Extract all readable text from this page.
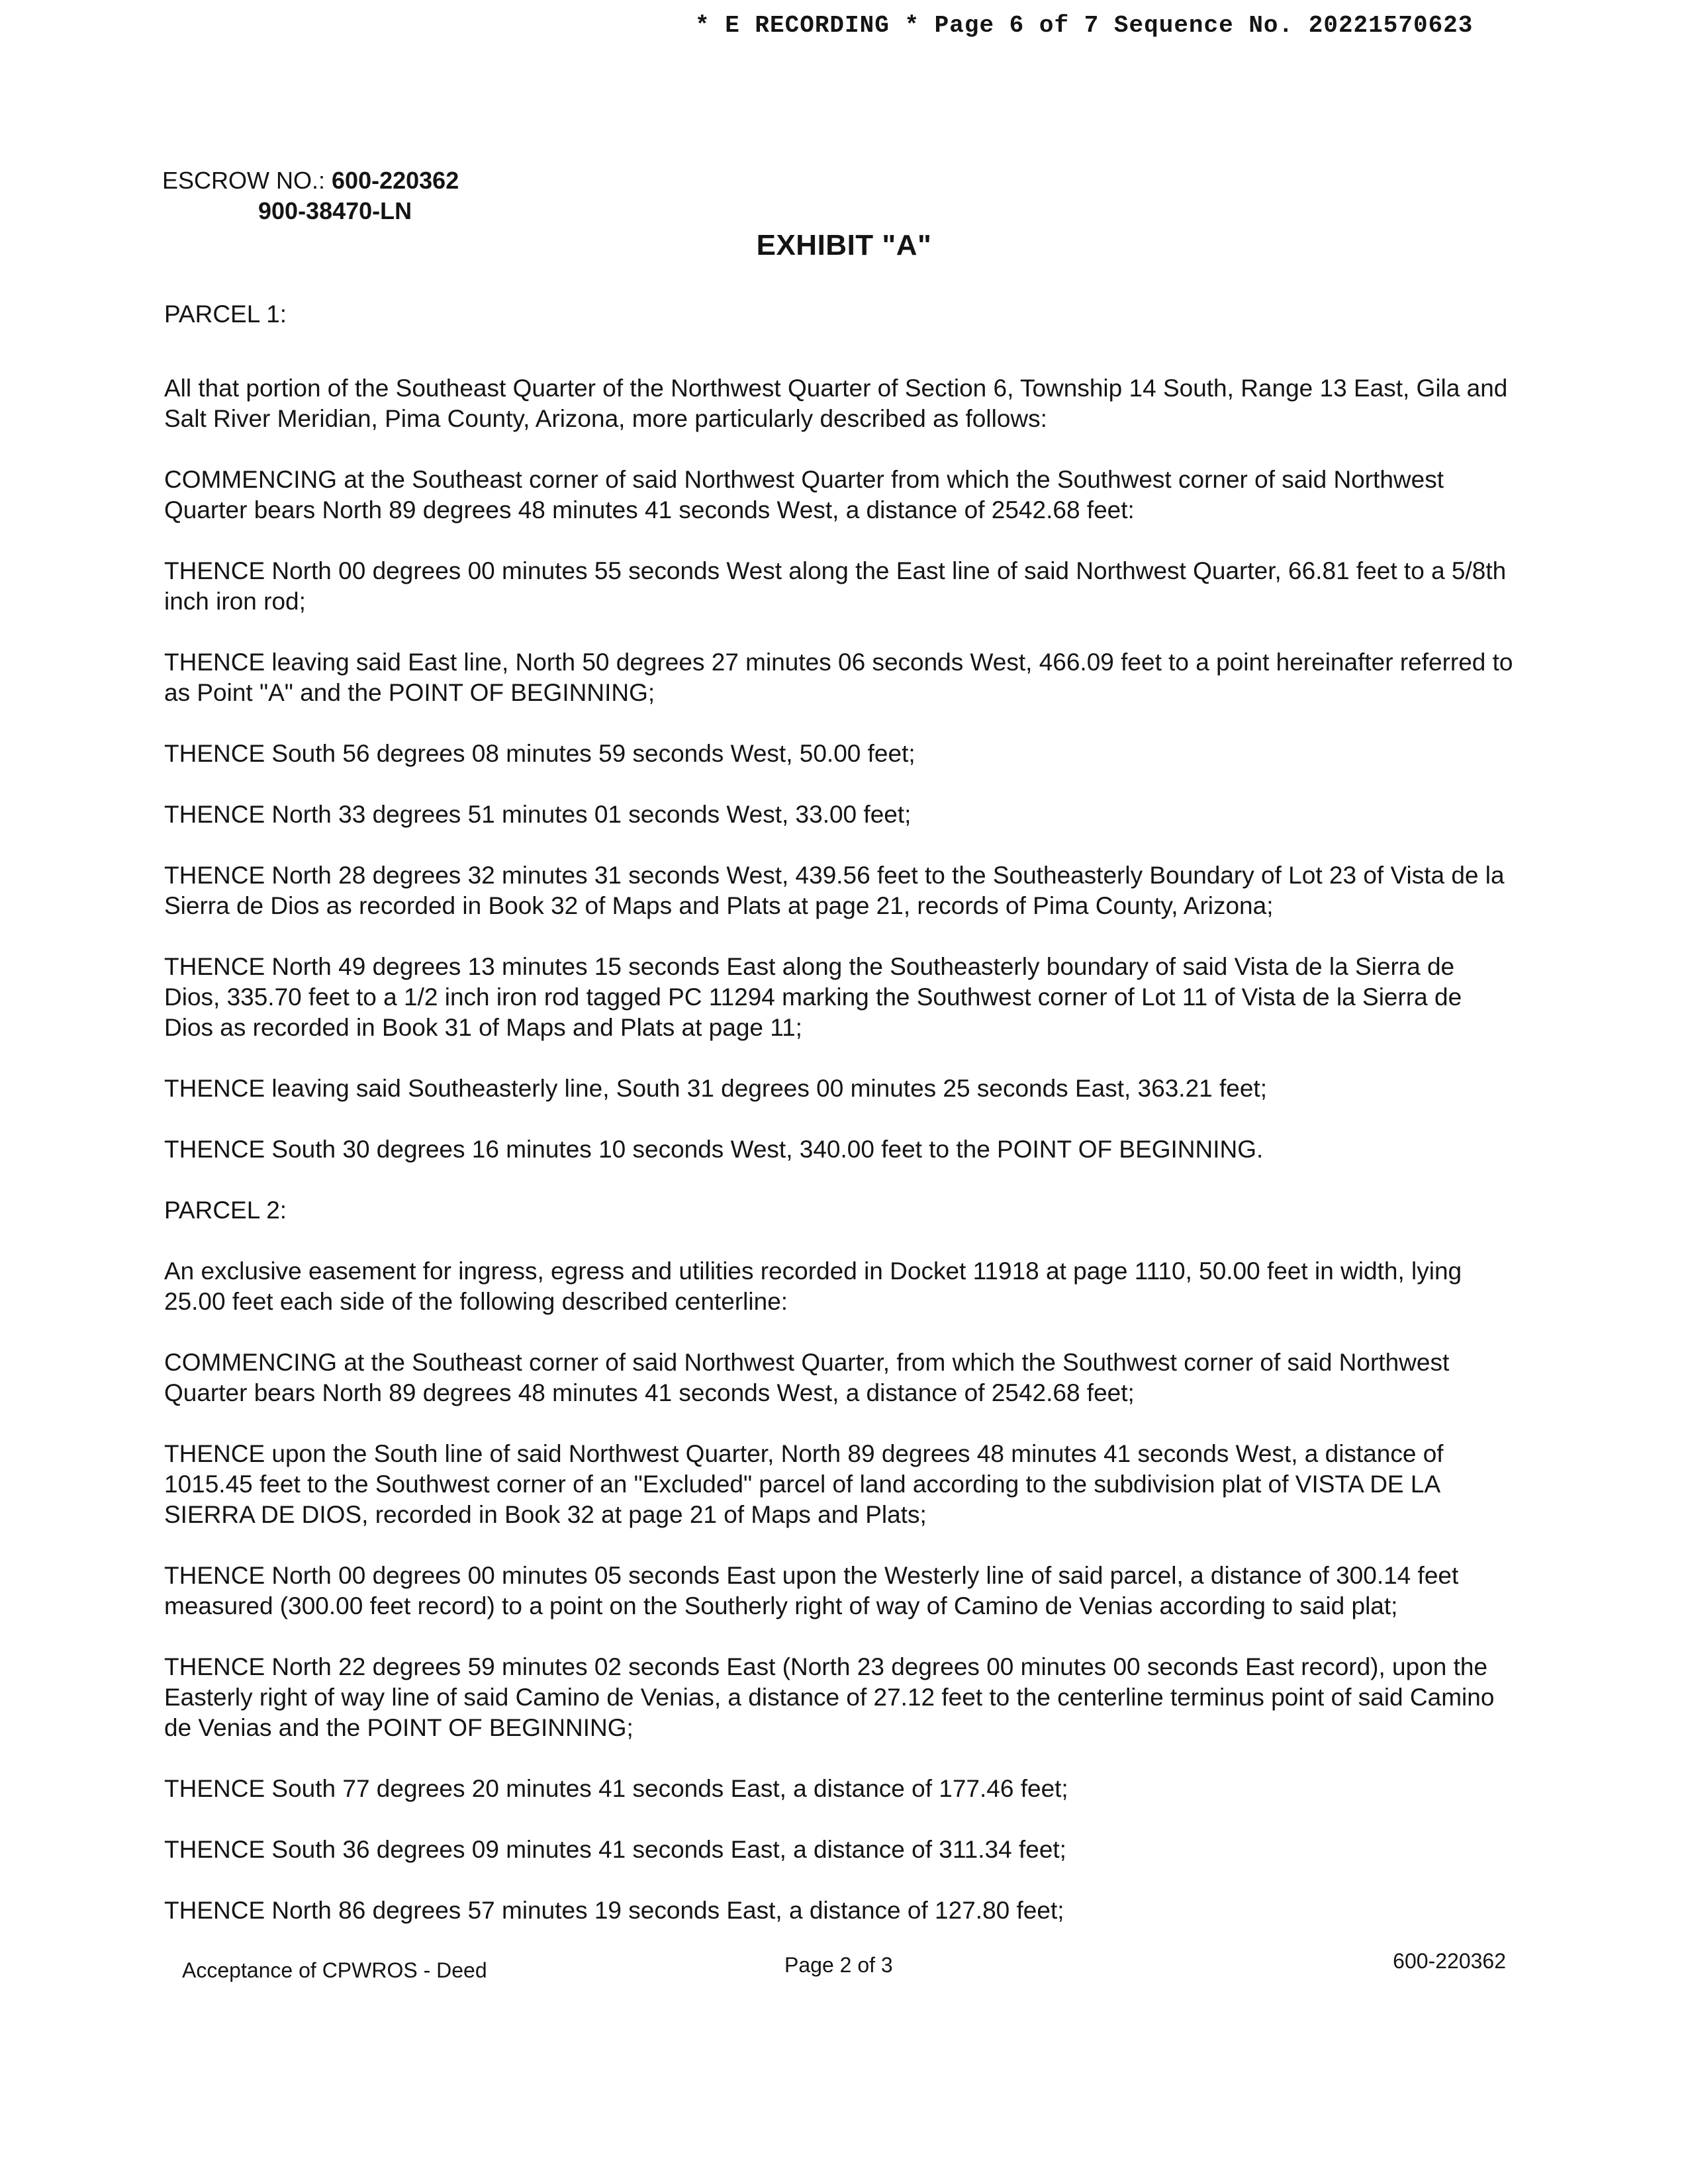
* E RECORDING * Page 6 of 7 Sequence No. 20221570623
ESCROW NO.: 600-220362
900-38470-LN
EXHIBIT "A"

PARCEL 1:

All that portion of the Southeast Quarter of the Northwest Quarter of Section 6, Township 14 South, Range 13 East, Gila and Salt River Meridian, Pima County, Arizona, more particularly described as follows:

COMMENCING at the Southeast corner of said Northwest Quarter from which the Southwest corner of said Northwest Quarter bears North 89 degrees 48 minutes 41 seconds West, a distance of 2542.68 feet:

THENCE North 00 degrees 00 minutes 55 seconds West along the East line of said Northwest Quarter, 66.81 feet to a 5/8th inch iron rod;

THENCE leaving said East line, North 50 degrees 27 minutes 06 seconds West, 466.09 feet to a point hereinafter referred to as Point "A" and the POINT OF BEGINNING;

THENCE South 56 degrees 08 minutes 59 seconds West, 50.00 feet;

THENCE North 33 degrees 51 minutes 01 seconds West, 33.00 feet;

THENCE North 28 degrees 32 minutes 31 seconds West, 439.56 feet to the Southeasterly Boundary of Lot 23 of Vista de la Sierra de Dios as recorded in Book 32 of Maps and Plats at page 21, records of Pima County, Arizona;

THENCE North 49 degrees 13 minutes 15 seconds East along the Southeasterly boundary of said Vista de la Sierra de Dios, 335.70 feet to a 1/2 inch iron rod tagged PC 11294 marking the Southwest corner of Lot 11 of Vista de la Sierra de Dios as recorded in Book 31 of Maps and Plats at page 11;

THENCE leaving said Southeasterly line, South 31 degrees 00 minutes 25 seconds East, 363.21 feet;

THENCE South 30 degrees 16 minutes 10 seconds West, 340.00 feet to the POINT OF BEGINNING.

PARCEL 2:

An exclusive easement for ingress, egress and utilities recorded in Docket 11918 at page 1110, 50.00 feet in width, lying 25.00 feet each side of the following described centerline:

COMMENCING at the Southeast corner of said Northwest Quarter, from which the Southwest corner of said Northwest Quarter bears North 89 degrees 48 minutes 41 seconds West, a distance of 2542.68 feet;

THENCE upon the South line of said Northwest Quarter, North 89 degrees 48 minutes 41 seconds West, a distance of 1015.45 feet to the Southwest corner of an "Excluded" parcel of land according to the subdivision plat of VISTA DE LA SIERRA DE DIOS, recorded in Book 32 at page 21 of Maps and Plats;

THENCE North 00 degrees 00 minutes 05 seconds East upon the Westerly line of said parcel, a distance of 300.14 feet measured (300.00 feet record) to a point on the Southerly right of way of Camino de Venias according to said plat;

THENCE North 22 degrees 59 minutes 02 seconds East (North 23 degrees 00 minutes 00 seconds East record), upon the Easterly right of way line of said Camino de Venias, a distance of 27.12 feet to the centerline terminus point of said Camino de Venias and the POINT OF BEGINNING;

THENCE South 77 degrees 20 minutes 41 seconds East, a distance of 177.46 feet;

THENCE South 36 degrees 09 minutes 41 seconds East, a distance of 311.34 feet;

THENCE North 86 degrees 57 minutes 19 seconds East, a distance of 127.80 feet;

Acceptance of CPWROS - Deed	Page 2 of 3	600-220362
